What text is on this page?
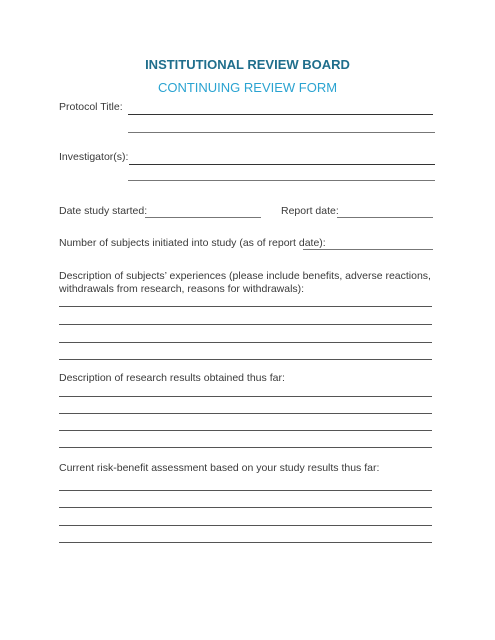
INSTITUTIONAL REVIEW BOARD
CONTINUING REVIEW FORM
Protocol Title:
Investigator(s):
Date study started:	Report date:
Number of subjects initiated into study (as of report date):
Description of subjects’ experiences (please include benefits, adverse reactions,
withdrawals from research, reasons for withdrawals):
Description of research results obtained thus far:
Current risk-benefit assessment based on your study results thus far:
